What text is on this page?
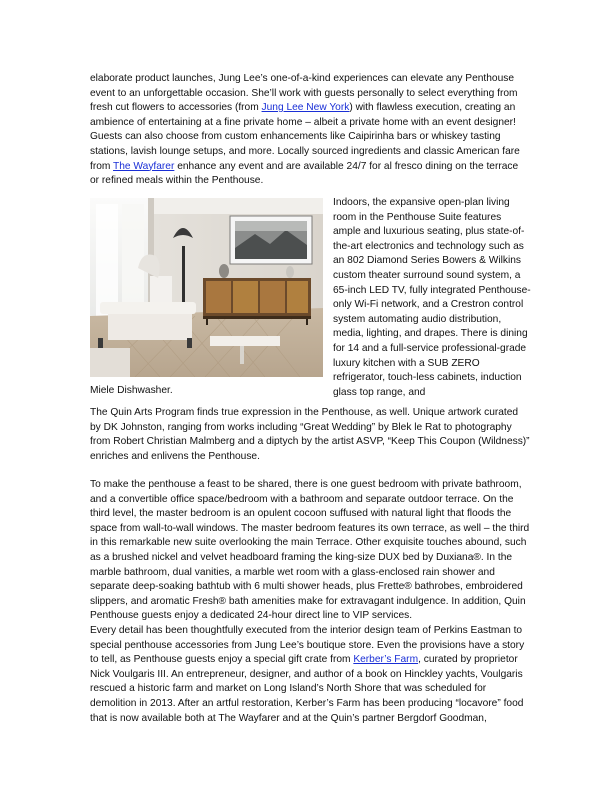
elaborate product launches, Jung Lee’s one-of-a-kind experiences can elevate any Penthouse event to an unforgettable occasion. She’ll work with guests personally to select everything from fresh cut flowers to accessories (from Jung Lee New York) with flawless execution, creating an ambience of entertaining at a fine private home – albeit a private home with an event designer! Guests can also choose from custom enhancements like Caipirinha bars or whiskey tasting stations, lavish lounge setups, and more. Locally sourced ingredients and classic American fare from The Wayfarer enhance any event and are available 24/7 for al fresco dining on the terrace or refined meals within the Penthouse.

Indoors, the expansive open-plan living room in the Penthouse Suite features ample and luxurious seating, plus state-of-the-art electronics and technology such as an 802 Diamond Series Bowers & Wilkins custom theater surround sound system, a 65-inch LED TV, fully integrated Penthouse-only Wi-Fi network, and a Crestron control system automating audio distribution, media, lighting, and drapes. There is dining for 14 and a full-service professional-grade luxury kitchen with a SUB ZERO refrigerator, touch-less cabinets, induction glass top range, and

Miele Dishwasher.

The Quin Arts Program finds true expression in the Penthouse, as well. Unique artwork curated by DK Johnston, ranging from works including “Great Wedding” by Blek le Rat to photography from Robert Christian Malmberg and a diptych by the artist ASVP, “Keep This Coupon (Wildness)” enriches and enlivens the Penthouse.

To make the penthouse a feast to be shared, there is one guest bedroom with private bathroom, and a convertible office space/bedroom with a bathroom and separate outdoor terrace. On the third level, the master bedroom is an opulent cocoon suffused with natural light that floods the space from wall-to-wall windows. The master bedroom features its own terrace, as well – the third in this remarkable new suite overlooking the main Terrace. Other exquisite touches abound, such as a brushed nickel and velvet headboard framing the king-size DUX bed by Duxiana®. In the marble bathroom, dual vanities, a marble wet room with a glass-enclosed rain shower and separate deep-soaking bathtub with 6 multi shower heads, plus Frette® bathrobes, embroidered slippers, and aromatic Fresh® bath amenities make for extravagant indulgence. In addition, Quin Penthouse guests enjoy a dedicated 24-hour direct line to VIP services.

Every detail has been thoughtfully executed from the interior design team of Perkins Eastman to special penthouse accessories from Jung Lee’s boutique store. Even the provisions have a story to tell, as Penthouse guests enjoy a special gift crate from Kerber’s Farm, curated by proprietor Nick Voulgaris III. An entrepreneur, designer, and author of a book on Hinckley yachts, Voulgaris rescued a historic farm and market on Long Island’s North Shore that was scheduled for demolition in 2013. After an artful restoration, Kerber’s Farm has been producing “locavore” food that is now available both at The Wayfarer and at the Quin’s partner Bergdorf Goodman,
